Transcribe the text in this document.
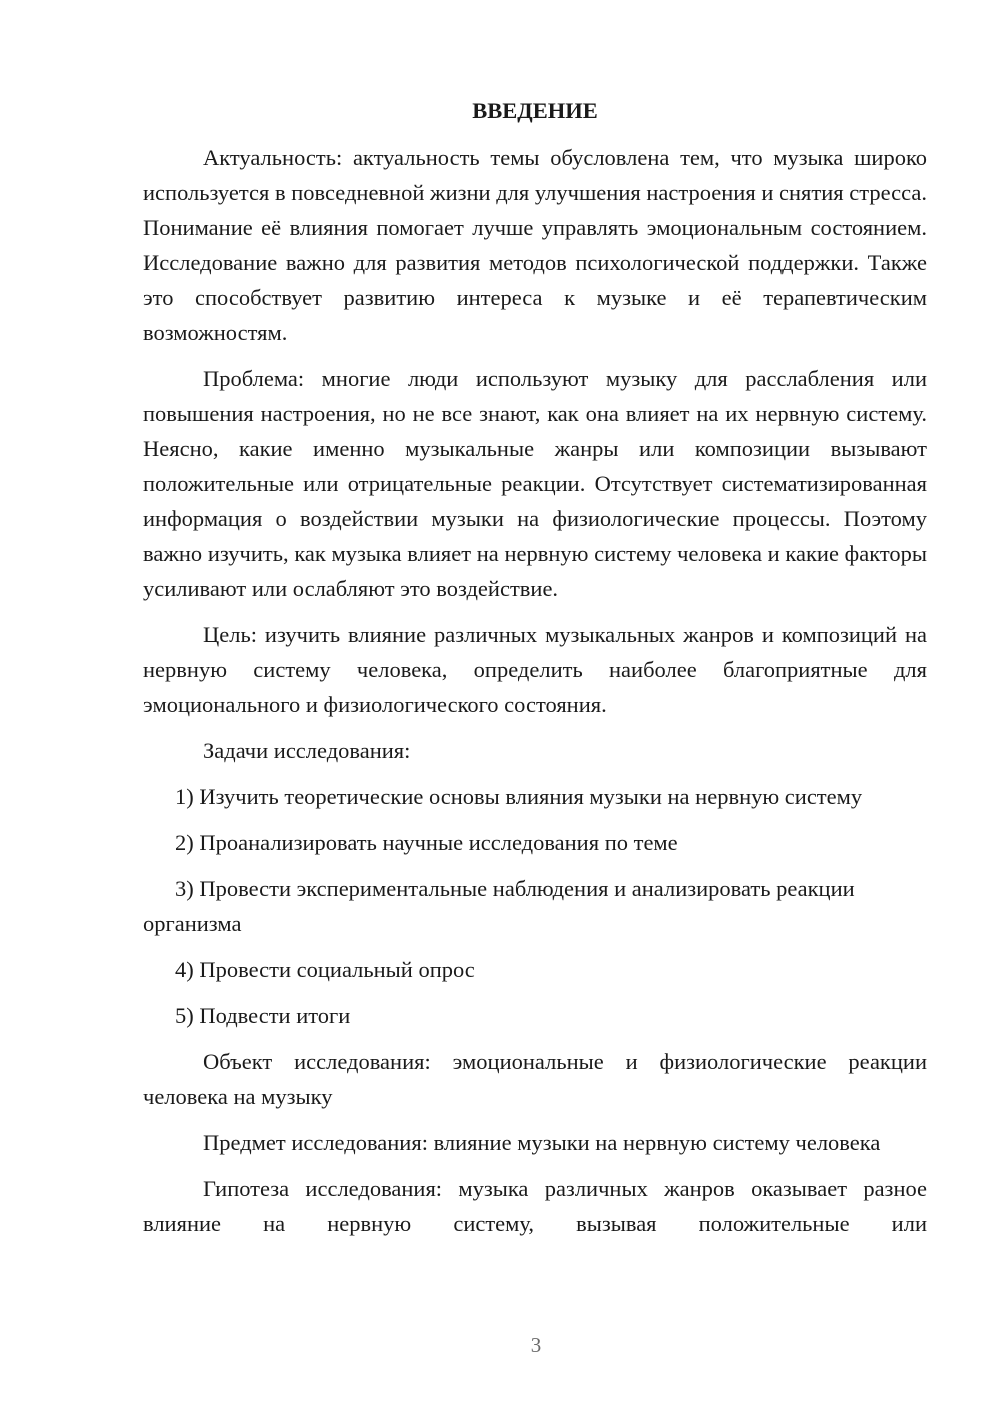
ВВЕДЕНИЕ

Актуальность: актуальность темы обусловлена тем, что музыка широко используется в повседневной жизни для улучшения настроения и снятия стресса. Понимание её влияния помогает лучше управлять эмоциональным состоянием. Исследование важно для развития методов психологической поддержки. Также это способствует развитию интереса к музыке и её терапевтическим возможностям.

Проблема: многие люди используют музыку для расслабления или повышения настроения, но не все знают, как она влияет на их нервную систему. Неясно, какие именно музыкальные жанры или композиции вызывают положительные или отрицательные реакции. Отсутствует систематизированная информация о воздействии музыки на физиологические процессы. Поэтому важно изучить, как музыка влияет на нервную систему человека и какие факторы усиливают или ослабляют это воздействие.

Цель: изучить влияние различных музыкальных жанров и композиций на нервную систему человека, определить наиболее благоприятные для эмоционального и физиологического состояния.

Задачи исследования:

1) Изучить теоретические основы влияния музыки на нервную систему

2) Проанализировать научные исследования по теме

3) Провести экспериментальные наблюдения и анализировать реакции организма

4) Провести социальный опрос

5) Подвести итоги

Объект исследования: эмоциональные и физиологические реакции человека на музыку

Предмет исследования: влияние музыки на нервную систему человека

Гипотеза исследования: музыка различных жанров оказывает разное влияние на нервную систему, вызывая положительные или

3
